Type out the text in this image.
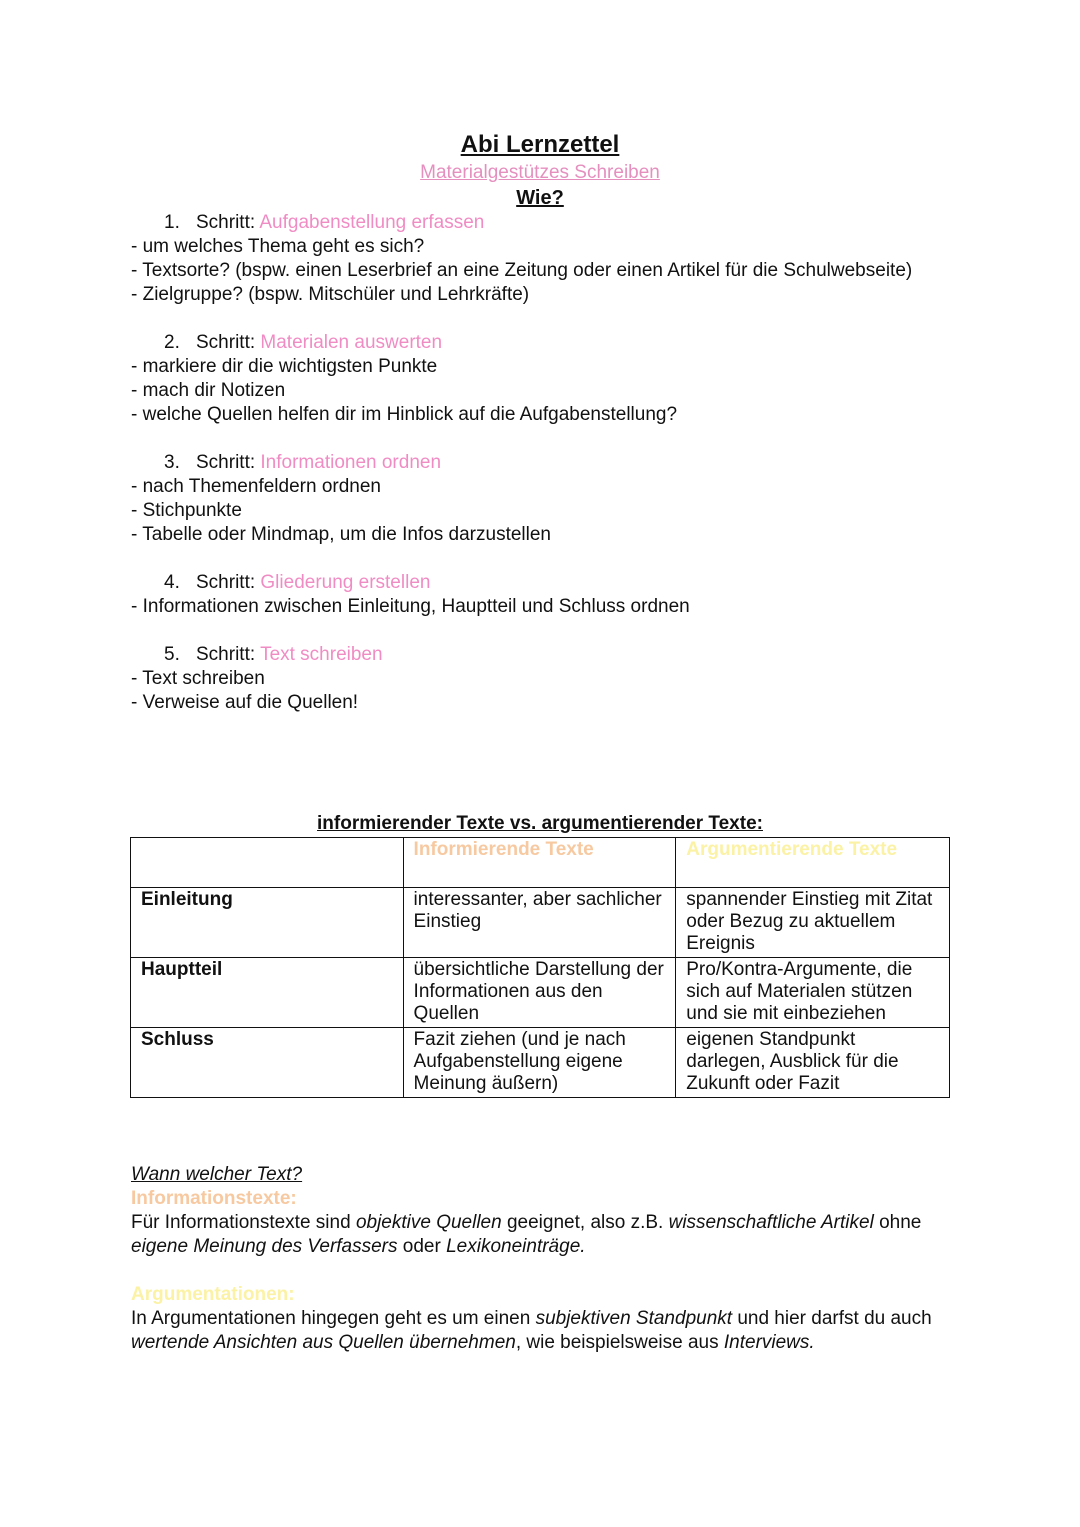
Abi Lernzettel
Materialgestützes Schreiben
Wie?
1. Schritt: Aufgabenstellung erfassen
- um welches Thema geht es sich?
- Textsorte? (bspw. einen Leserbrief an eine Zeitung oder einen Artikel für die Schulwebseite)
- Zielgruppe? (bspw. Mitschüler und Lehrkräfte)
2. Schritt: Materialen auswerten
- markiere dir die wichtigsten Punkte
- mach dir Notizen
- welche Quellen helfen dir im Hinblick auf die Aufgabenstellung?
3. Schritt: Informationen ordnen
- nach Themenfeldern ordnen
- Stichpunkte
- Tabelle oder Mindmap, um die Infos darzustellen
4. Schritt: Gliederung erstellen
- Informationen zwischen Einleitung, Hauptteil und Schluss ordnen
5. Schritt: Text schreiben
- Text schreiben
- Verweise auf die Quellen!
informierender Texte vs. argumentierender Texte:
	Informierende Texte	Argumentierende Texte
Einleitung	interessanter, aber sachlicher Einstieg	spannender Einstieg mit Zitat oder Bezug zu aktuellem Ereignis
Hauptteil	übersichtliche Darstellung der Informationen aus den Quellen	Pro/Kontra-Argumente, die sich auf Materialen stützen und sie mit einbeziehen
Schluss	Fazit ziehen (und je nach Aufgabenstellung eigene Meinung äußern)	eigenen Standpunkt darlegen, Ausblick für die Zukunft oder Fazit
Wann welcher Text?
Informationstexte:
Für Informationstexte sind objektive Quellen geeignet, also z.B. wissenschaftliche Artikel ohne eigene Meinung des Verfassers oder Lexikoneinträge.
Argumentationen:
In Argumentationen hingegen geht es um einen subjektiven Standpunkt und hier darfst du auch wertende Ansichten aus Quellen übernehmen, wie beispielsweise aus Interviews.
